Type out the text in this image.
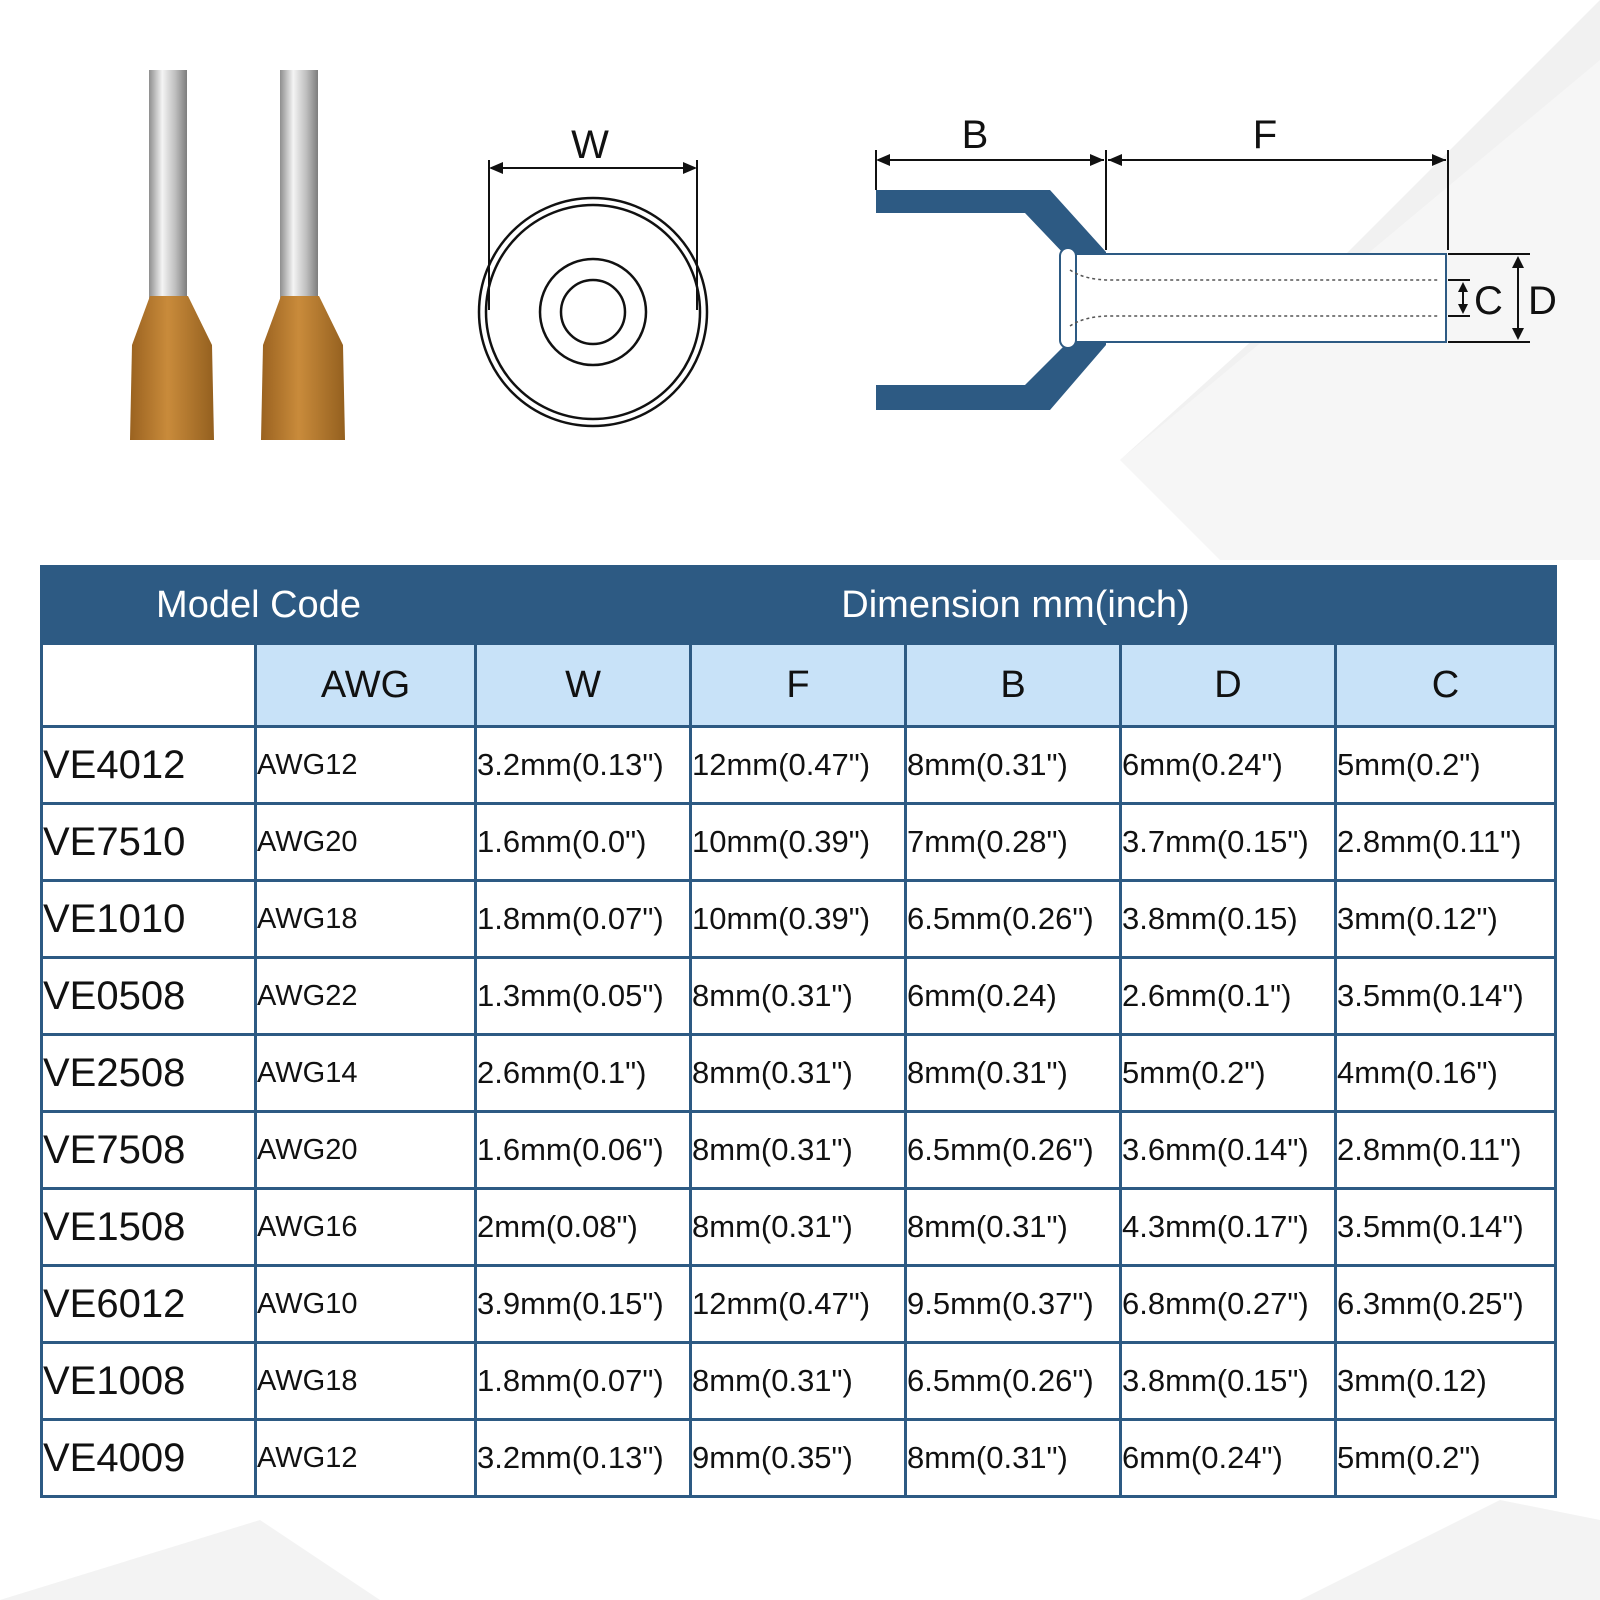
W	B	F
C D
Model Code		Dimension mm(inch)				
	AWG	W	F	B	D	C
VE4012	AWG12	3.2mm(0.13")	12mm(0.47")	8mm(0.31")	6mm(0.24")	5mm(0.2")
VE7510	AWG20	1.6mm(0.0")	10mm(0.39")	7mm(0.28")	3.7mm(0.15")	2.8mm(0.11")
VE1010	AWG18	1.8mm(0.07")	10mm(0.39")	6.5mm(0.26")	3.8mm(0.15)	3mm(0.12")
VE0508	AWG22	1.3mm(0.05")	8mm(0.31")	6mm(0.24)	2.6mm(0.1")	3.5mm(0.14")
VE2508	AWG14	2.6mm(0.1")	8mm(0.31")	8mm(0.31")	5mm(0.2")	4mm(0.16")
VE7508	AWG20	1.6mm(0.06")	8mm(0.31")	6.5mm(0.26")	3.6mm(0.14")	2.8mm(0.11")
VE1508	AWG16	2mm(0.08")	8mm(0.31")	8mm(0.31")	4.3mm(0.17")	3.5mm(0.14")
VE6012	AWG10	3.9mm(0.15")	12mm(0.47")	9.5mm(0.37")	6.8mm(0.27")	6.3mm(0.25")
VE1008	AWG18	1.8mm(0.07")	8mm(0.31")	6.5mm(0.26")	3.8mm(0.15")	3mm(0.12)
VE4009	AWG12	3.2mm(0.13")	9mm(0.35")	8mm(0.31")	6mm(0.24")	5mm(0.2")
